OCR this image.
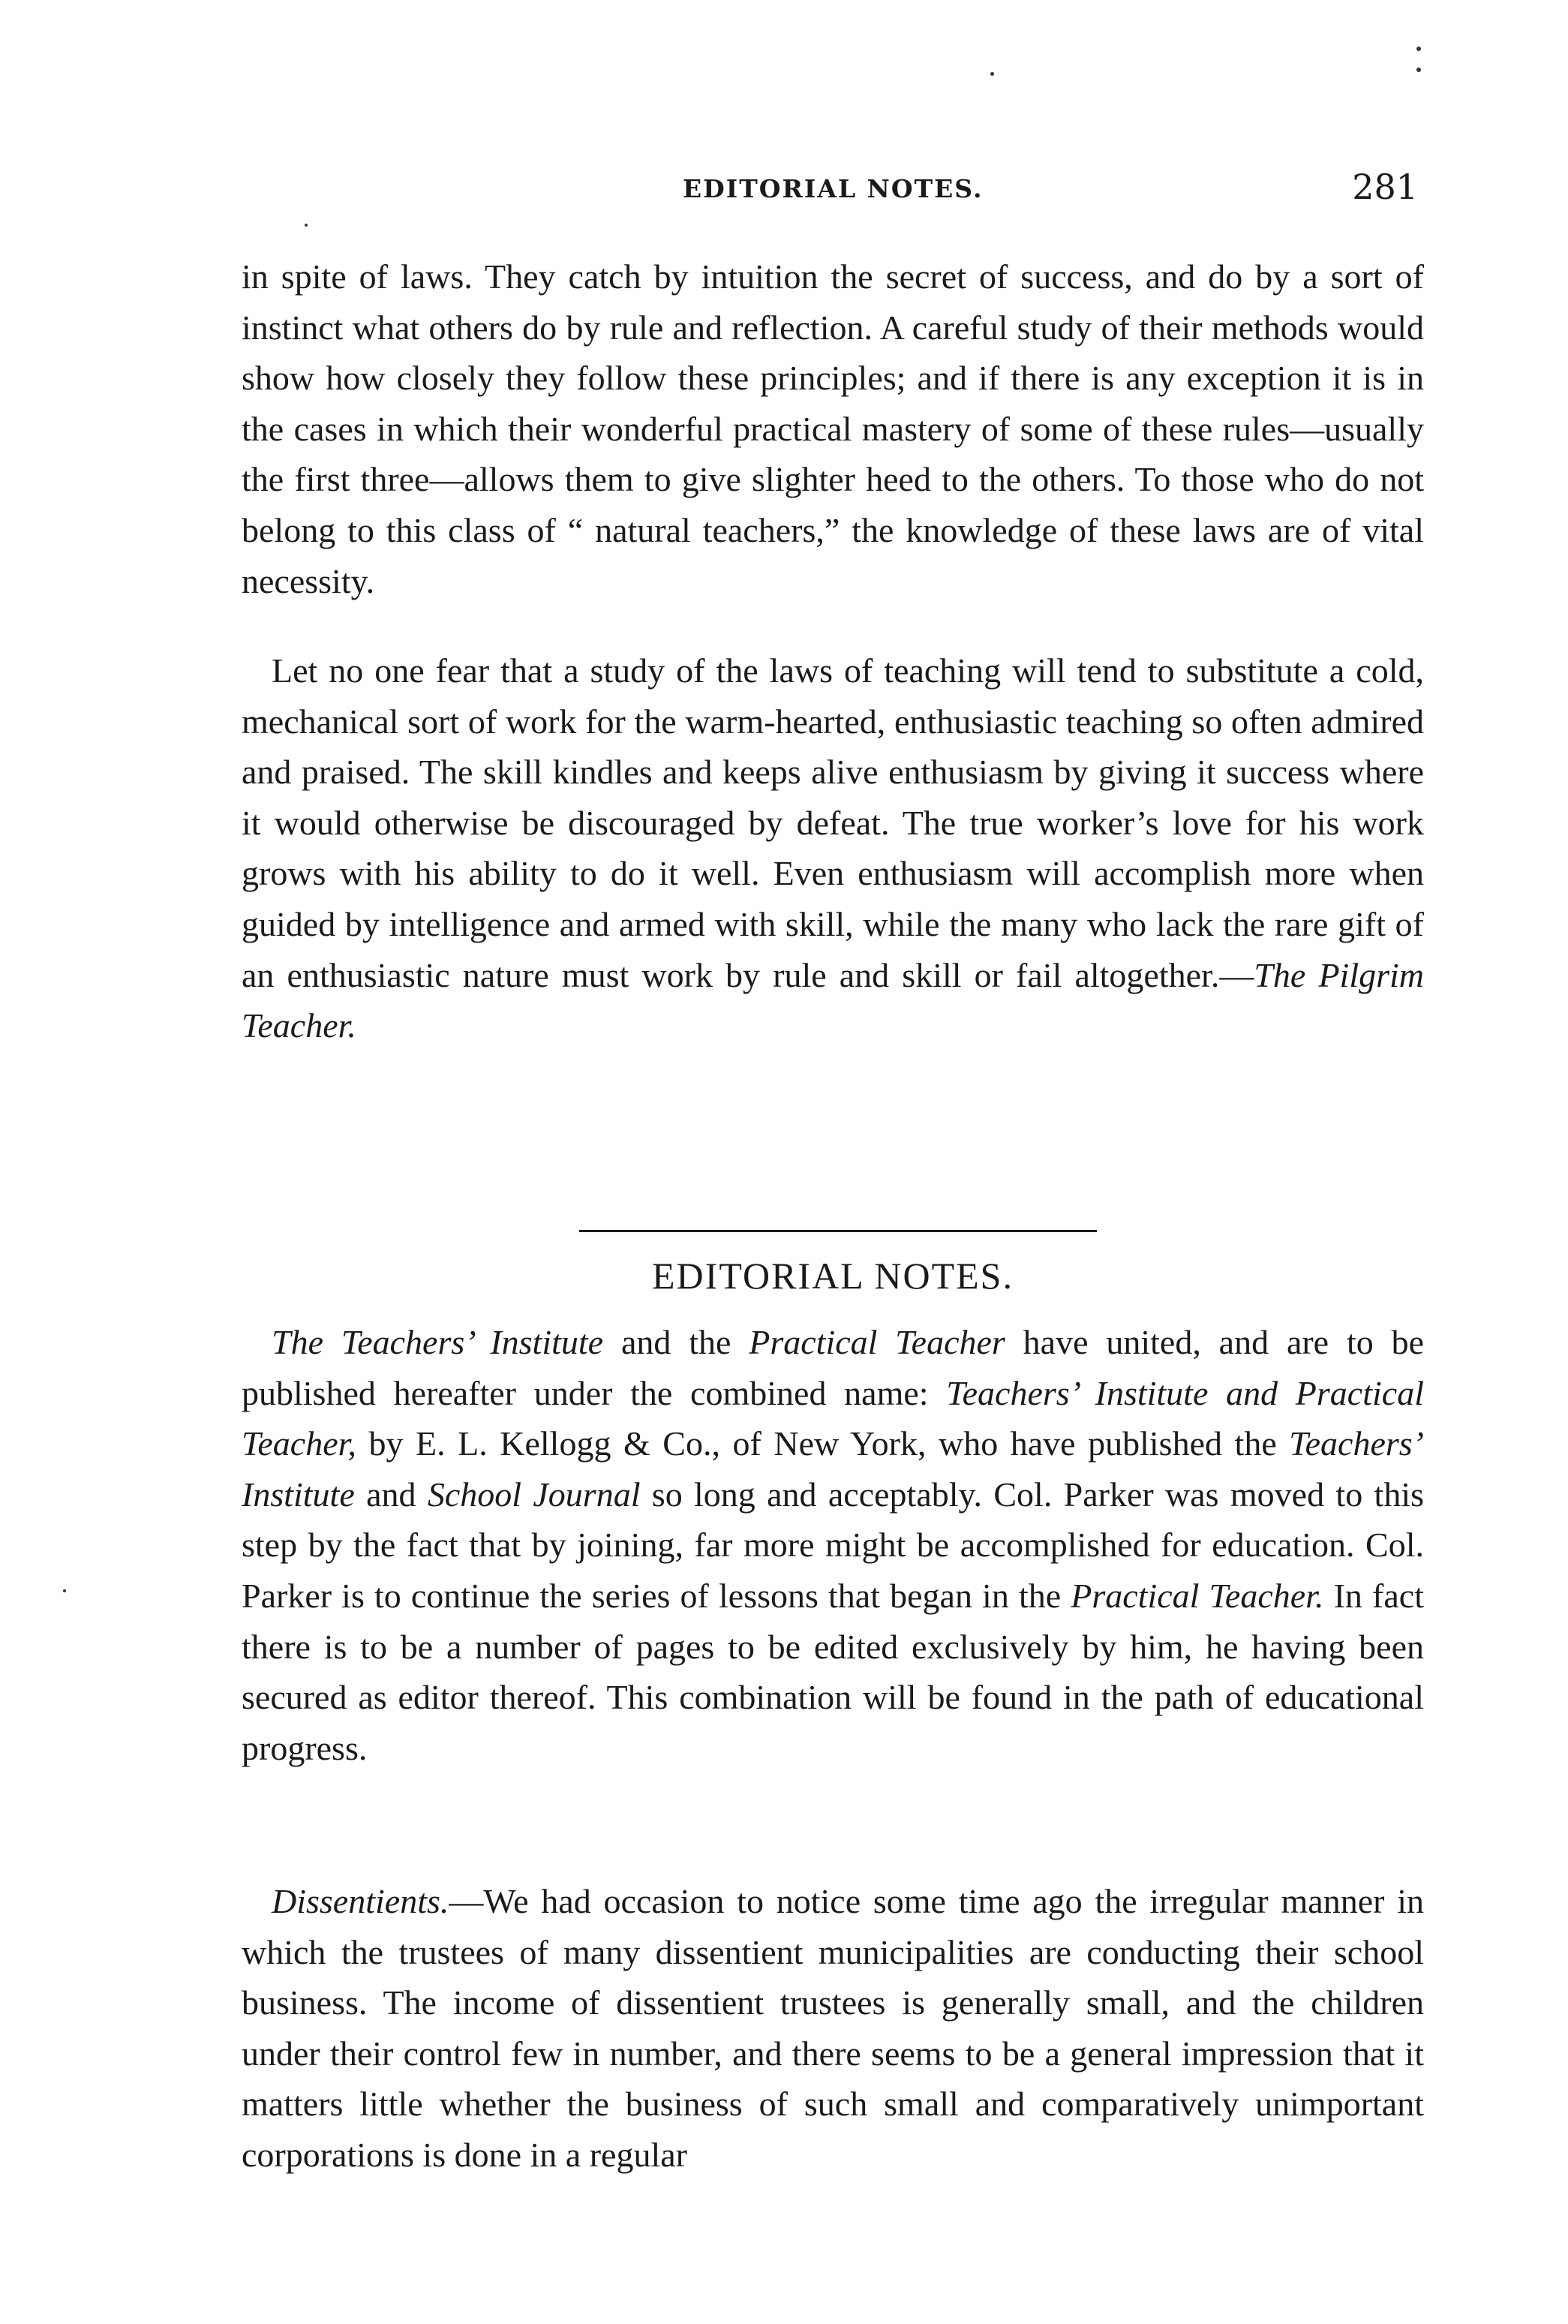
EDITORIAL NOTES.	281

in spite of laws. They catch by intuition the secret of success, and do by a sort of instinct what others do by rule and reflection. A careful study of their methods would show how closely they follow these principles; and if there is any exception it is in the cases in which their wonderful practical mastery of some of these rules—usually the first three—allows them to give slighter heed to the others. To those who do not belong to this class of “ natural teachers,” the knowledge of these laws are of vital necessity.

Let no one fear that a study of the laws of teaching will tend to substitute a cold, mechanical sort of work for the warm-hearted, enthusiastic teaching so often admired and praised. The skill kindles and keeps alive enthusiasm by giving it success where it would otherwise be discouraged by defeat. The true worker’s love for his work grows with his ability to do it well. Even enthusiasm will accomplish more when guided by intelligence and armed with skill, while the many who lack the rare gift of an enthusiastic nature must work by rule and skill or fail altogether.—The Pilgrim Teacher.

EDITORIAL NOTES.

The Teachers’ Institute and the Practical Teacher have united, and are to be published hereafter under the combined name: Teachers’ Institute and Practical Teacher, by E. L. Kellogg & Co., of New York, who have published the Teachers’ Institute and School Journal so long and acceptably. Col. Parker was moved to this step by the fact that by joining, far more might be accomplished for education. Col. Parker is to continue the series of lessons that began in the Practical Teacher. In fact there is to be a number of pages to be edited exclusively by him, he having been secured as editor thereof. This combination will be found in the path of educational progress.

Dissentients.—We had occasion to notice some time ago the irregular manner in which the trustees of many dissentient municipalities are conducting their school business. The income of dissentient trustees is generally small, and the children under their control few in number, and there seems to be a general impression that it matters little whether the business of such small and comparatively unimportant corporations is done in a regular
